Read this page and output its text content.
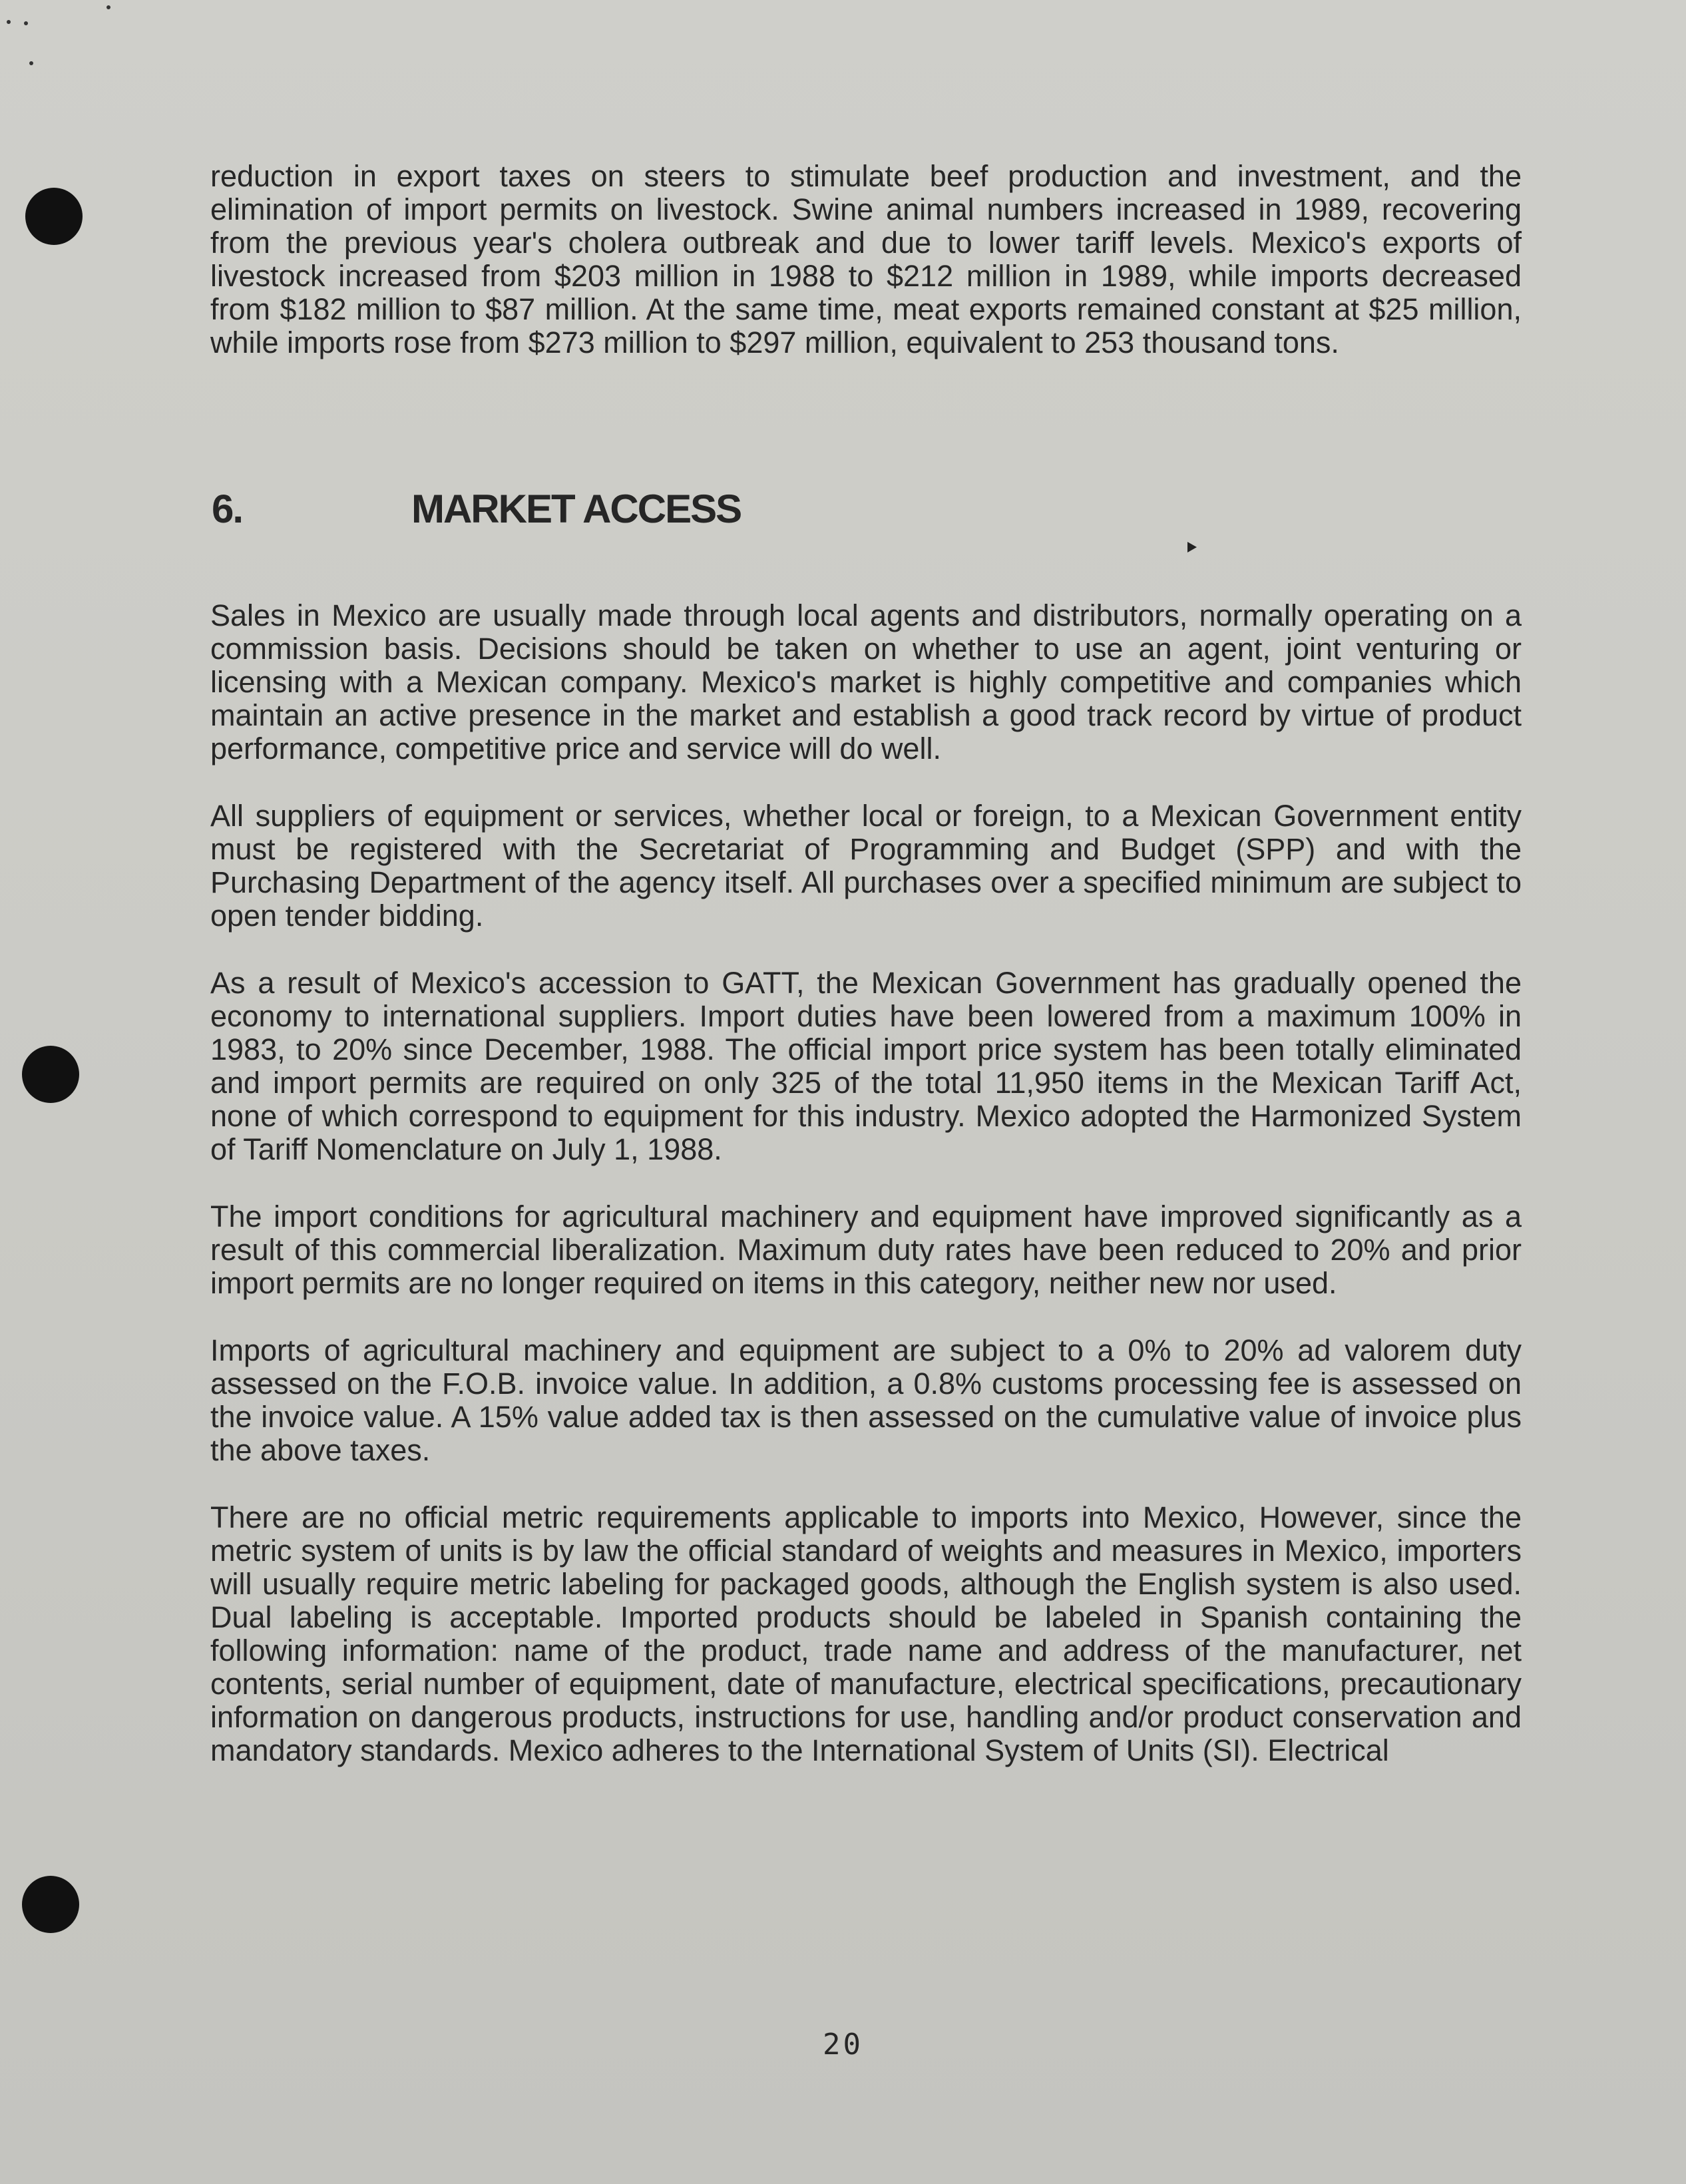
reduction in export taxes on steers to stimulate beef production and investment, and the elimination of import permits on livestock. Swine animal numbers increased in 1989, recovering from the previous year's cholera outbreak and due to lower tariff levels. Mexico's exports of livestock increased from $203 million in 1988 to $212 million in 1989, while imports decreased from $182 million to $87 million. At the same time, meat exports remained constant at $25 million, while imports rose from $273 million to $297 million, equivalent to 253 thousand tons.

6.	MARKET ACCESS

Sales in Mexico are usually made through local agents and distributors, normally operating on a commission basis. Decisions should be taken on whether to use an agent, joint venturing or licensing with a Mexican company. Mexico's market is highly competitive and companies which maintain an active presence in the market and establish a good track record by virtue of product performance, competitive price and service will do well.

All suppliers of equipment or services, whether local or foreign, to a Mexican Government entity must be registered with the Secretariat of Programming and Budget (SPP) and with the Purchasing Department of the agency itself. All purchases over a specified minimum are subject to open tender bidding.

As a result of Mexico's accession to GATT, the Mexican Government has gradually opened the economy to international suppliers. Import duties have been lowered from a maximum 100% in 1983, to 20% since December, 1988. The official import price system has been totally eliminated and import permits are required on only 325 of the total 11,950 items in the Mexican Tariff Act, none of which correspond to equipment for this industry. Mexico adopted the Harmonized System of Tariff Nomenclature on July 1, 1988.

The import conditions for agricultural machinery and equipment have improved significantly as a result of this commercial liberalization. Maximum duty rates have been reduced to 20% and prior import permits are no longer required on items in this category, neither new nor used.

Imports of agricultural machinery and equipment are subject to a 0% to 20% ad valorem duty assessed on the F.O.B. invoice value. In addition, a 0.8% customs processing fee is assessed on the invoice value. A 15% value added tax is then assessed on the cumulative value of invoice plus the above taxes.

There are no official metric requirements applicable to imports into Mexico, However, since the metric system of units is by law the official standard of weights and measures in Mexico, importers will usually require metric labeling for packaged goods, although the English system is also used. Dual labeling is acceptable. Imported products should be labeled in Spanish containing the following information: name of the product, trade name and address of the manufacturer, net contents, serial number of equipment, date of manufacture, electrical specifications, precautionary information on dangerous products, instructions for use, handling and/or product conservation and mandatory standards. Mexico adheres to the International System of Units (SI). Electrical

20
